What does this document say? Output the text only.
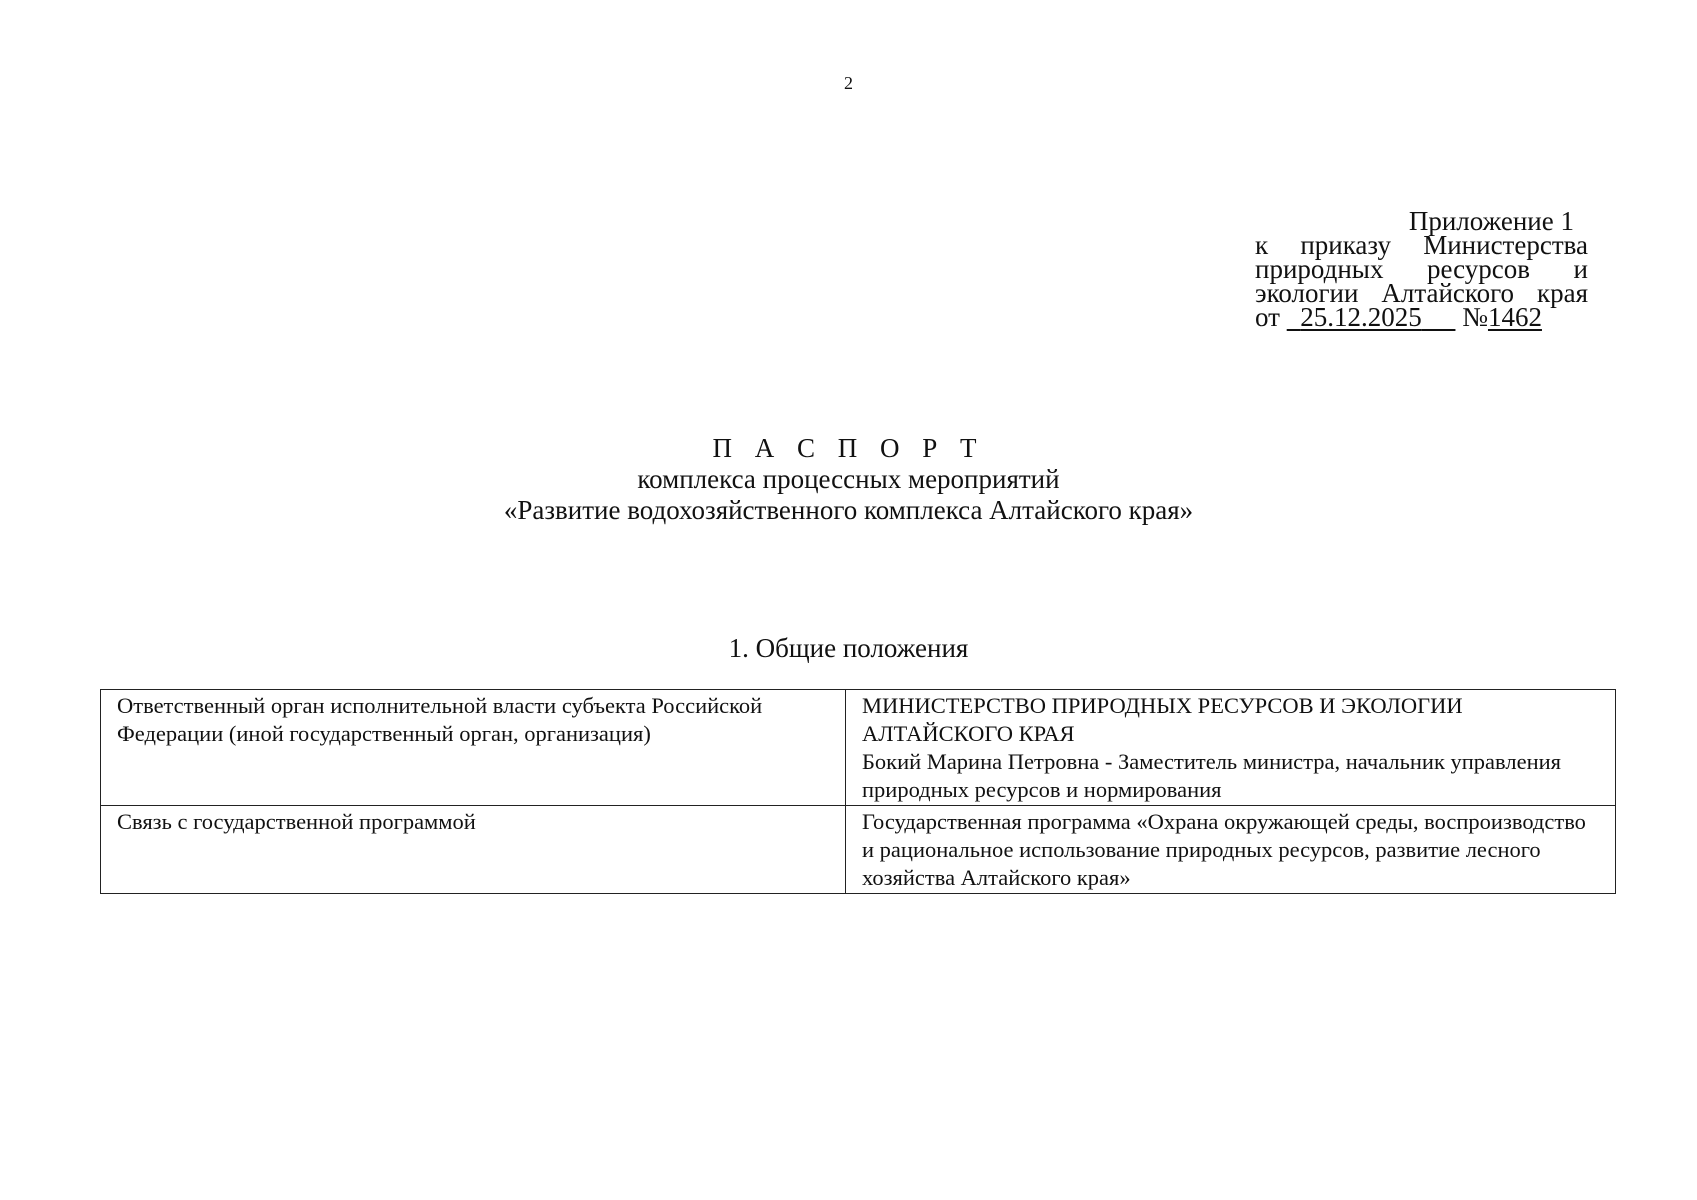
2
Приложение 1
к приказу Министерства
природных ресурсов и
экологии Алтайского края
от 25.12.2025 №1462
П А С П О Р Т
комплекса процессных мероприятий
«Развитие водохозяйственного комплекса Алтайского края»
1. Общие положения
Ответственный орган исполнительной власти субъекта Российской Федерации (иной государственный орган, организация)	МИНИСТЕРСТВО ПРИРОДНЫХ РЕСУРСОВ И ЭКОЛОГИИ АЛТАЙСКОГО КРАЯ
Бокий Марина Петровна - Заместитель министра, начальник управления природных ресурсов и нормирования

Связь с государственной программой	Государственная программа «Охрана окружающей среды, воспроизводство и рациональное использование природных ресурсов, развитие лесного хозяйства Алтайского края»
